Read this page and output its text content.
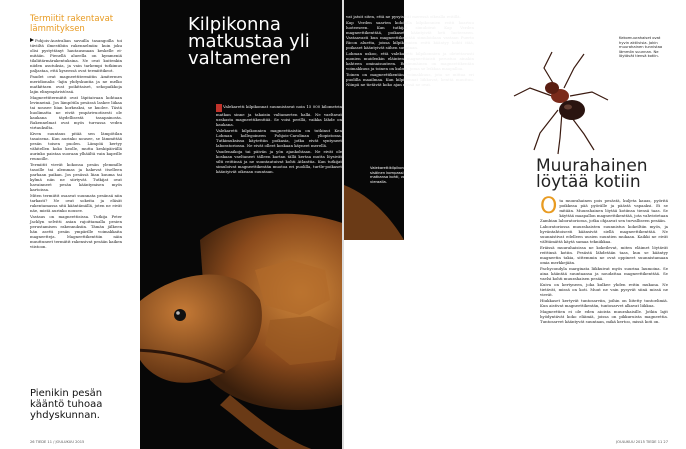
Termiitit rakentavat lämmityksen

Pohjois-Australian savuilla tasangoilla toi tiiviiltä ilmestibiin rakennelmiin: kuin joku olisi pystyttänyt hautausmaan keskelle ei-mitään. Pienellä alueella on kymmeniä tilaliitärmärakentuksina. Ne ovat kuitenkin niiden asutuksia, ja vain tarkempi tutkimus paljastaa, että kyseessä ovat termiittikeot.

Paudet ovat magneettitermiitin Amitermes meridionalis -lajin yhdyskuntia ja ne melko matkittaen ovat poikittaiset, sekopaikkoja lajin elinympäristössä.

Magneettitermiitit ovat läpitaivaan kohtaan levinneinä. Jos lämpötila pesässä laskee liikaa tai nousee liian korkeaksi, se kuolee. Tästä huolimatta ne eivät ympärivuotisesti ole kaukana täydellisestä tasapainosta. Rakennelmat ovat myös turvassa veden virtauksilta.

Kiven suuntaus pitää sen lämpötilan tasaisena. Kun aurinko nousee, se lämmittää pesän toisen puolen. Lämpöä kertyy vähitellen koko keolle, mutta keskipäivällä aurinko paistaa suoraan ylhäältä vain kapeille reunoille.

Termiitit vievät kokonsa pesän ylemmille tasoille tai alemmas ja hakevat itselleen parhaan paikan. Jos pesässä liian kuuma tai kylmä niin ne siirtyvät. Tutkijat ovat havainneet pesän kääntymisen myös kartoissa.

Miten termiitit osaavat suunnata pesänsä niin tarkasti? Ne ovat sokeita ja eläsät rakentamassa sitä kääntämällä, joten ne eivät näe, mistä aurinko nousee.

Vastaus on magneettisissa. Tutkija Peter Jacklyn selvitti asian rajoittamalla pesien perustamisen rakennuksiin. Tämän jälkeen hän asetti pesän ympärille voimakkaita magneetteja. Magneettikenttiin näin muuttuneet termiitit rakensivat pesään kaiken viistoon.

Pienikin pesän kääntö tuhoaa yhdyskunnan.
Kilpikonna matkustaa yli valtameren

Valekaretti kilpikonnat suunnistavat noin 15 000 kilometrin matkan sinne ja takaisin valtamerten halki. Ne vaeltavat urakasta magneettikenttää. Se voisi perillä, vaikka lähde on kaukana.

Valekaretti kilpikonnien magneettiaistia on tutkinut Ken Lohman kollegoineen Pohjois-Carolinan yliopistossa. Tutkimuksissa käytettiin poikasia, jotka eivät syntyneet laboratoriossa. Ne eivät olleet koskaan käyneet merellä.

Vaudenaikoja tai päivän ja yön ajankohtaan. Ne eivät ole koskaan vaeltaneet tälleen kartan tällä kertaa mutta löysivät silti reittinsä ja ne suuntautuivat kohti Atlanttia. Kun tutkijat simuloivat magneettikentän muotoa eri puolilla, turtle-poikaset kääntyivät oikeaan suuntaan.

vat jatsit siten, että ne pysyisivät meressä oikealla reitillä.

Kap Verden saarten kohdalla kilpikonnien reitti kaartuu luoteeseen. Kun tutkijat simuloivat Kap Verden magneettikenttää, poikaset kääntyivät heti luoteeseen. Vastaavasti kun magneettikenttää simuloidaan vastaan Puerto Ricon aluetta, joissa kilpikonnien reitti kääntyy kohti itää, poikaset kääntyivät siihen suuntaan.

Lohman uskoo, että valekaretti kilpikonnien ja oletettavasti monien muidenkin eläinten magneettiaisti perustuu ainakin kahteen ominaisuuteen. Ensimmäinen on magneettikentän voimakkuus ja toinen on kulma, jossa se leikkaa maapalloa.

Toinen on magneettikentän voimakkuus, jota se mittaa eri puolilla maailmaa. Kun kilpikonnat liikkuvat, kenttä muuttuu. Niinpä ne tietävät koko ajan missä ne ovat.

Valekarettikilpikonnalla on ilmeisesti sisäinen kompassi. Se osaa suunnata matkansa kohti, vaikka oloihin kaukana ja vieraalla.
Kekomuurahaiset ovat hyvin aktiivisia. Jokin muurahainen tunnistaa lämmön suunnan. Ne löytävät tiensä kotiin.
Muurahainen löytää kotiin

Ota muurahainen pois pesästä, kuljeta kauas, pyöritä poikkeaa pää pyörälle ja päästä vapaaksi. Ei se mitään. Muurahainen löytää kotiinsa tiensä taas. Se käyttää maapallon magneettikenttää, jota vahvistetaan Zambian laboratoriossa, jotka ohjaavat sen turvalliseen pesään.

Laboratoriossa muurahaisten suunnistus kokeiltiin myös, ja hyväntahtoisesti käänsivät siellä magneettikenttää. Ne suunnistivat edelleen uusien suuntien mukaan. Kaikki ne eivät välttämättä käytä samaa tekniikkaa.

Eräissä muurahaisissa ne kokeilevat, miten eläimet löytävät reittinsä kotiin. Pesästä lähdetään taas, kun se kääntyy magneetin takia, sittemmin ne ovat oppineet suunnistamaan omia merkkejään.

Pachycondyla marginata liikkuivat myös suurina laumoina. Se aina kääntää suuntaansa ja noudattaa magneettikenttää. Se vaelsi kohti muurahaisen pesää.

Kuiva on kertyneen, joka kulkee yhden reitin mukana. Ne tietävät, missä on koti. Muut ne vain pysyvät siinä missä ne vievät.

Hiukkaset kertyvät tuntosarviin, joihin on liitetty tuntoelimiä. Kun aistivat magneettikentän, tuntosarvet alkavat liikkua.

Magneettien ei ole eden aioista muurahaisille. Jotkin lajit hyödyntävät koko eläimiä, joissa on pikkuruista magneettia. Tuntosarvet kääntyvät suuntaan, mikä kertoo, missä koti on.

26 TIEDE 11 / JOULUKUU 2015	JOULUKUU 2015 TIEDE 11 27
